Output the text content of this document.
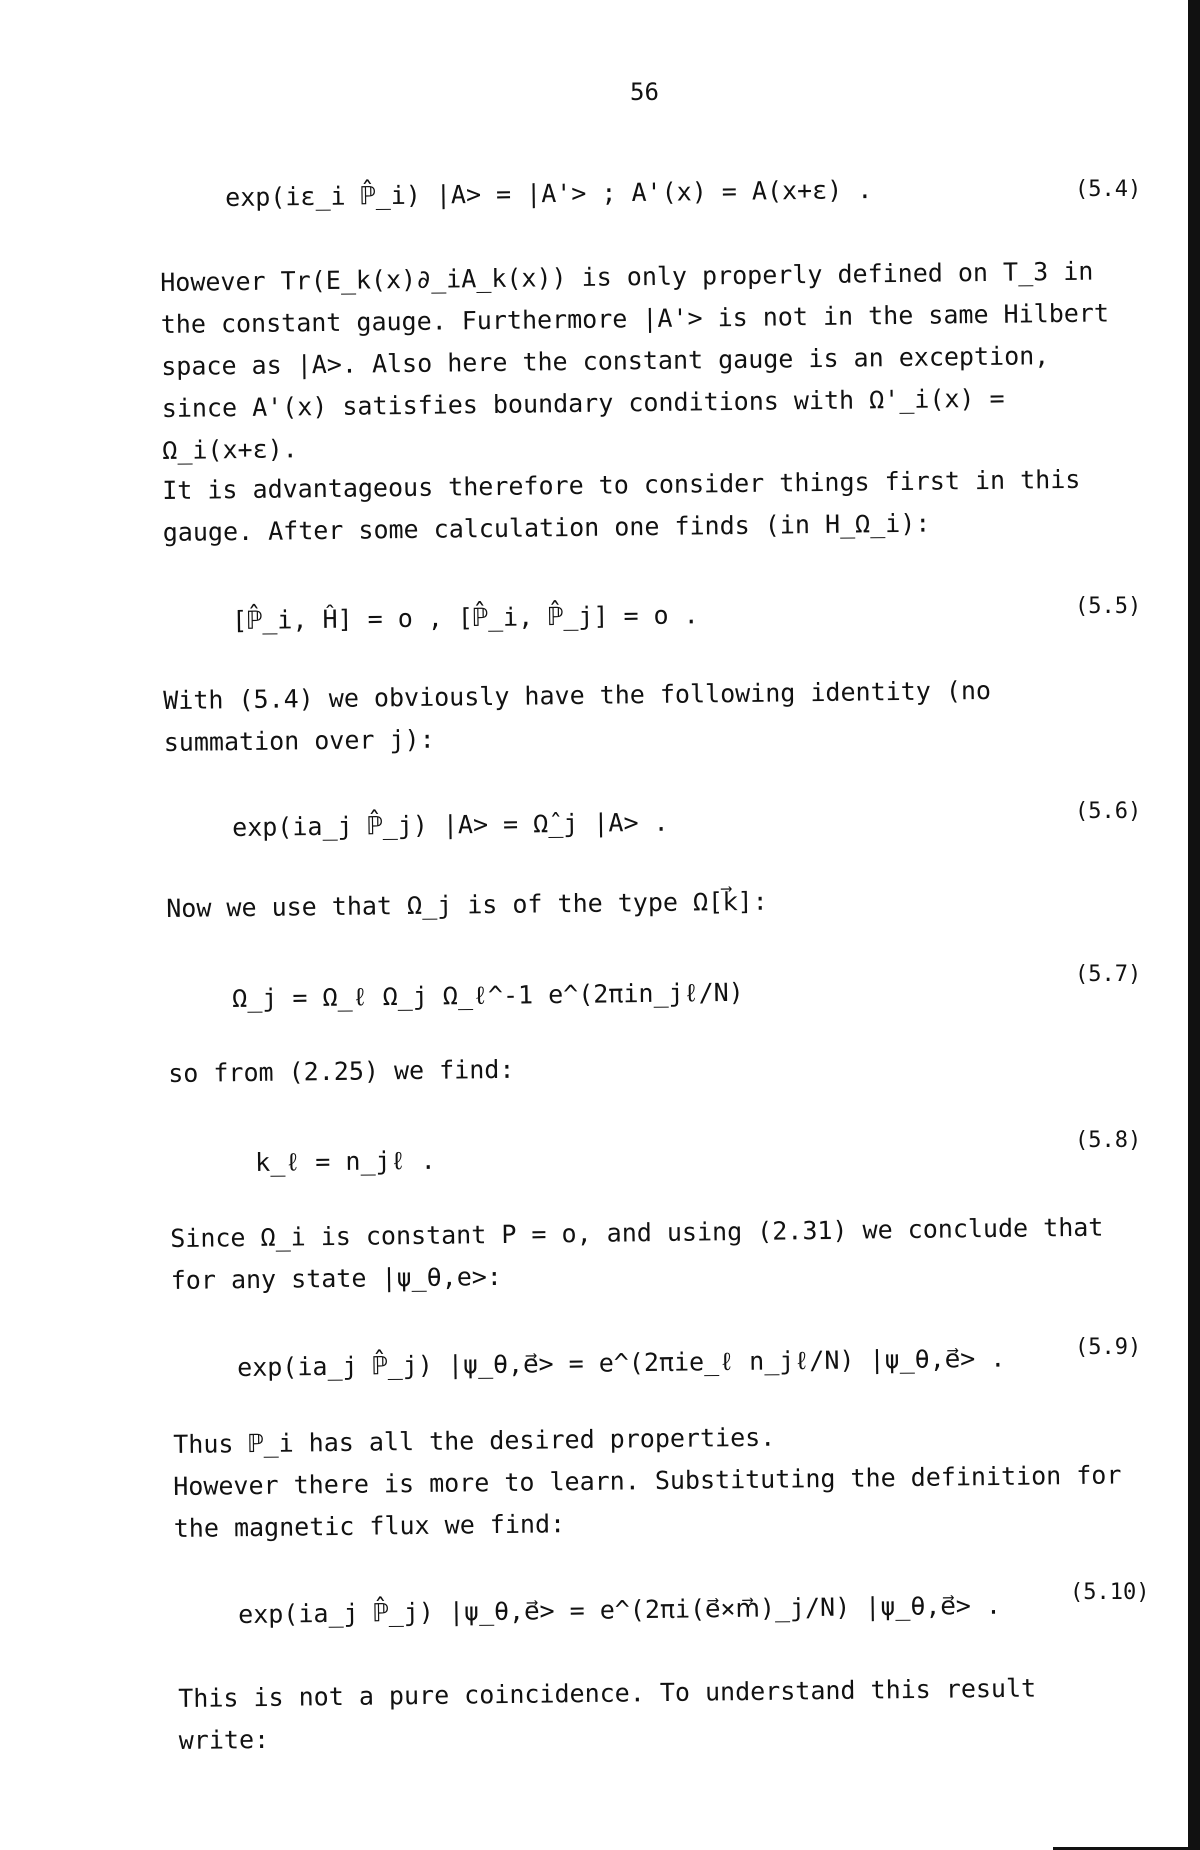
56
exp(iε_i ℙ̂_i) |A> = |A'> ; A'(x) = A(x+ε) .	(5.4)

However Tr(E_k(x)∂_iA_k(x)) is only properly defined on T_3 in the constant gauge. Furthermore |A'> is not in the same Hilbert space as |A>. Also here the constant gauge is an exception, since A'(x) satisfies boundary conditions with Ω'_i(x) = Ω_i(x+ε).

It is advantageous therefore to consider things first in this gauge. After some calculation one finds (in H_Ω_i):

[ℙ̂_i, Ĥ] = o , [ℙ̂_i, ℙ̂_j] = o .	(5.5)

With (5.4) we obviously have the following identity (no summation over j):

exp(ia_j ℙ̂_j) |A> = Ω̂_j |A> .	(5.6)

Now we use that Ω_j is of the type Ω[k⃗]:

Ω_j = Ω_ℓ Ω_j Ω_ℓ^-1 e^(2πin_jℓ/N)
(5.7)

so from (2.25) we find:

k_ℓ = n_jℓ .
(5.8)

Since Ω_i is constant P = o, and using (2.31) we conclude that for any state |ψ_θ,e>:

exp(ia_j ℙ̂_j) |ψ_θ,e⃗> = e^(2πie_ℓ n_jℓ/N) |ψ_θ,e⃗> .	(5.9)

Thus ℙ_i has all the desired properties.

However there is more to learn. Substituting the definition for the magnetic flux we find:

exp(ia_j ℙ̂_j) |ψ_θ,e⃗> = e^(2πi(e⃗×m⃗)_j/N) |ψ_θ,e⃗> .	(5.10)

This is not a pure coincidence. To understand this result write:
